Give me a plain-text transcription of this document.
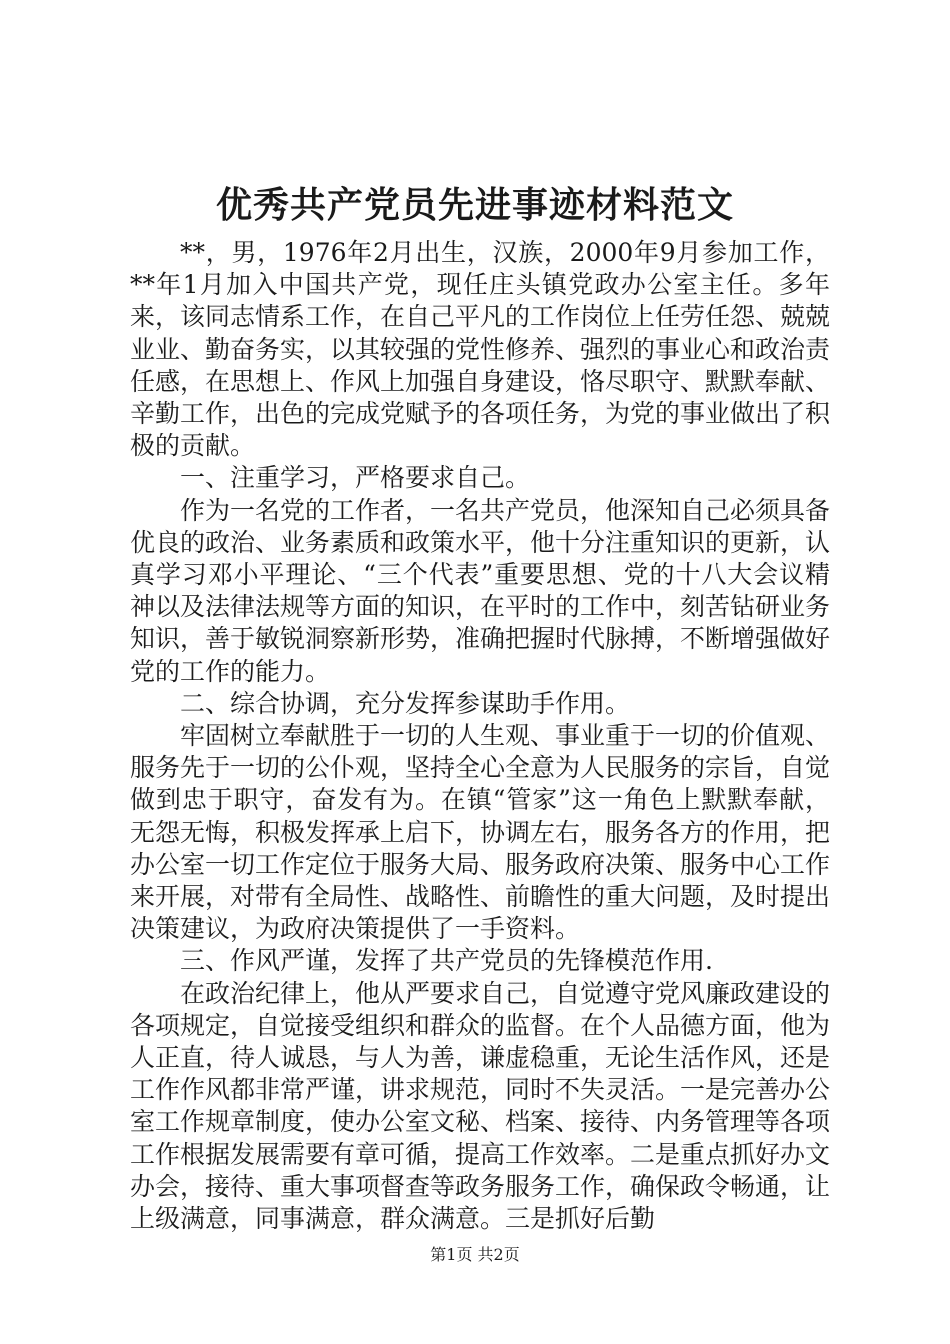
优秀共产党员先进事迹材料范文

**，男，1976年2月出生，汉族，2000年9月参加工作，**年1月加入中国共产党，现任庄头镇党政办公室主任。多年来，该同志情系工作，在自己平凡的工作岗位上任劳任怨、兢兢业业、勤奋务实，以其较强的党性修养、强烈的事业心和政治责任感，在思想上、作风上加强自身建设，恪尽职守、默默奉献、辛勤工作，出色的完成党赋予的各项任务，为党的事业做出了积极的贡献。

一、注重学习，严格要求自己。

作为一名党的工作者，一名共产党员，他深知自己必须具备优良的政治、业务素质和政策水平，他十分注重知识的更新，认真学习邓小平理论、“三个代表”重要思想、党的十八大会议精神以及法律法规等方面的知识，在平时的工作中，刻苦钻研业务知识，善于敏锐洞察新形势，准确把握时代脉搏，不断增强做好党的工作的能力。

二、综合协调，充分发挥参谋助手作用。

牢固树立奉献胜于一切的人生观、事业重于一切的价值观、服务先于一切的公仆观，坚持全心全意为人民服务的宗旨，自觉做到忠于职守，奋发有为。在镇“管家”这一角色上默默奉献，无怨无悔，积极发挥承上启下，协调左右，服务各方的作用，把办公室一切工作定位于服务大局、服务政府决策、服务中心工作来开展，对带有全局性、战略性、前瞻性的重大问题，及时提出决策建议，为政府决策提供了一手资料。

三、作风严谨，发挥了共产党员的先锋模范作用.

在政治纪律上，他从严要求自己，自觉遵守党风廉政建设的各项规定，自觉接受组织和群众的监督。在个人品德方面，他为人正直，待人诚恳，与人为善，谦虚稳重，无论生活作风，还是工作作风都非常严谨，讲求规范，同时不失灵活。一是完善办公室工作规章制度，使办公室文秘、档案、接待、内务管理等各项工作根据发展需要有章可循，提高工作效率。二是重点抓好办文办会，接待、重大事项督查等政务服务工作，确保政令畅通，让上级满意，同事满意，群众满意。三是抓好后勤

第1页 共2页
